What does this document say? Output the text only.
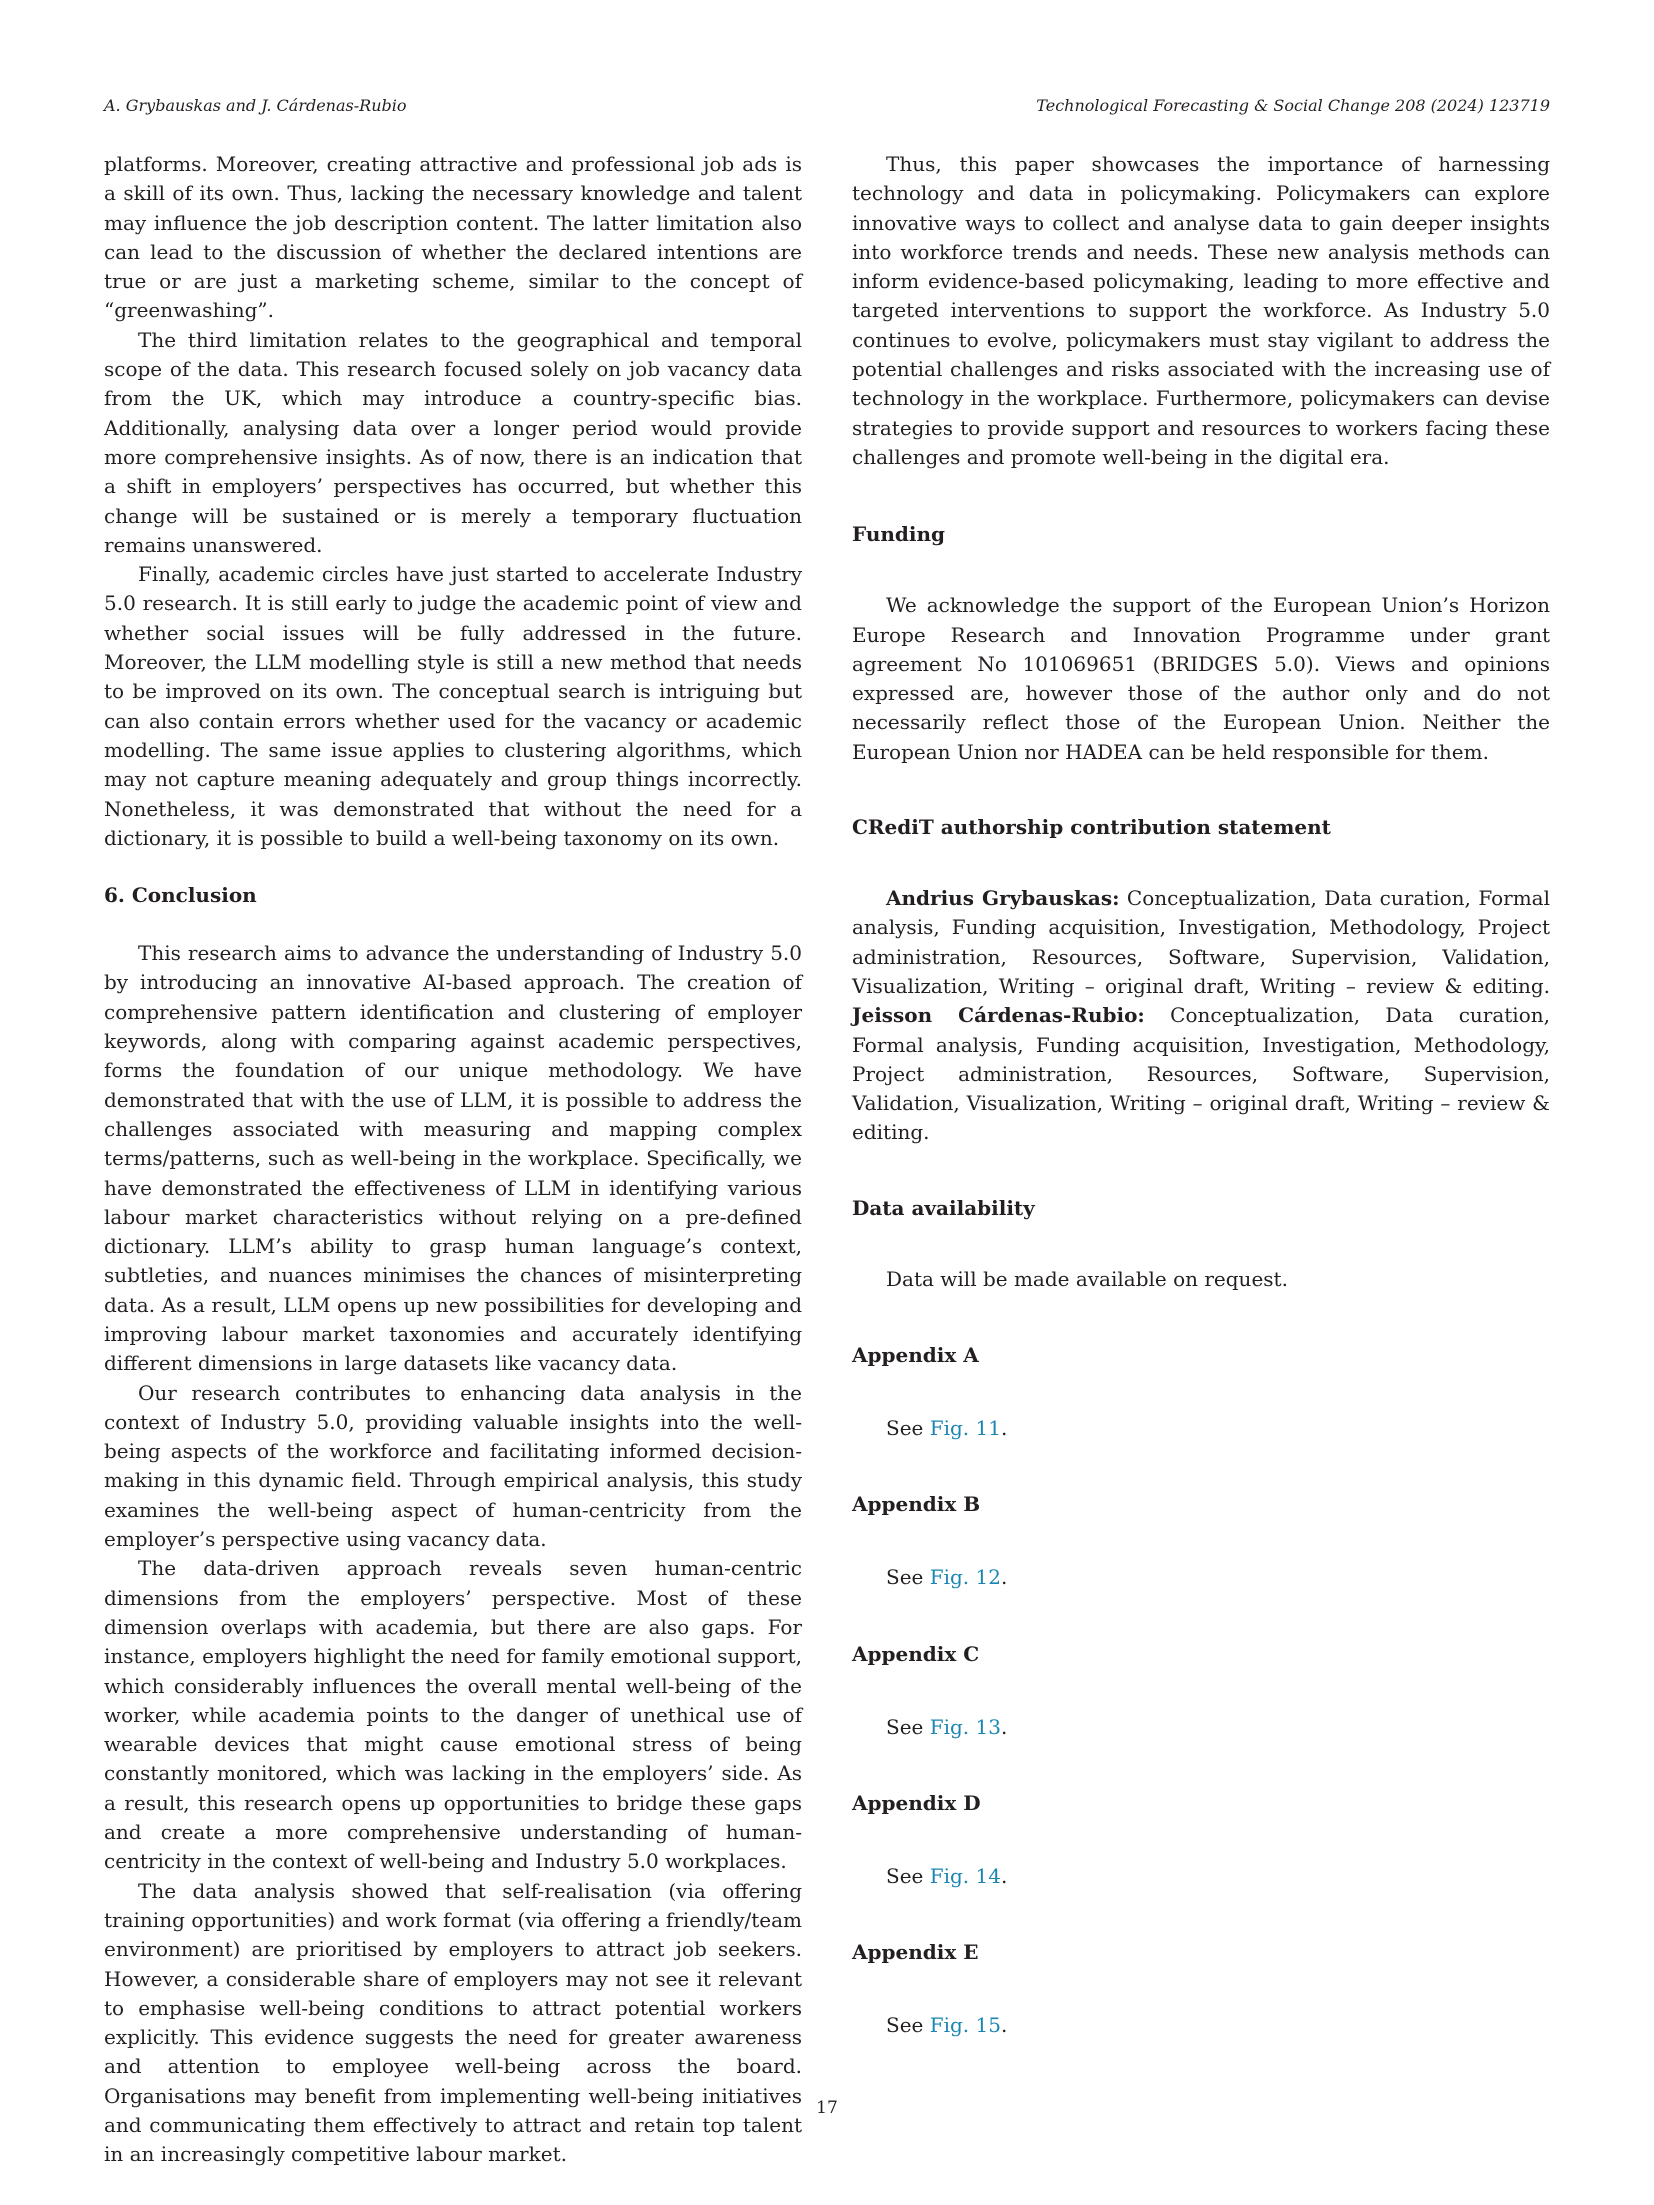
A. Grybauskas and J. Cárdenas-Rubio	Technological Forecasting & Social Change 208 (2024) 123719

platforms. Moreover, creating attractive and professional job ads is a skill of its own. Thus, lacking the necessary knowledge and talent may influence the job description content. The latter limitation also can lead to the discussion of whether the declared intentions are true or are just a marketing scheme, similar to the concept of “greenwashing”.

The third limitation relates to the geographical and temporal scope of the data. This research focused solely on job vacancy data from the UK, which may introduce a country-specific bias. Additionally, analysing data over a longer period would provide more comprehensive insights. As of now, there is an indication that a shift in employers’ perspectives has occurred, but whether this change will be sustained or is merely a temporary fluctuation remains unanswered.

Finally, academic circles have just started to accelerate Industry 5.0 research. It is still early to judge the academic point of view and whether social issues will be fully addressed in the future. Moreover, the LLM modelling style is still a new method that needs to be improved on its own. The conceptual search is intriguing but can also contain errors whether used for the vacancy or academic modelling. The same issue applies to clustering algorithms, which may not capture meaning adequately and group things incorrectly. Nonetheless, it was demonstrated that without the need for a dictionary, it is possible to build a well-being taxonomy on its own.

6. Conclusion

This research aims to advance the understanding of Industry 5.0 by introducing an innovative AI-based approach. The creation of comprehensive pattern identification and clustering of employer keywords, along with comparing against academic perspectives, forms the foundation of our unique methodology. We have demonstrated that with the use of LLM, it is possible to address the challenges associated with measuring and mapping complex terms/patterns, such as well-being in the workplace. Specifically, we have demonstrated the effectiveness of LLM in identifying various labour market characteristics without relying on a pre-defined dictionary. LLM’s ability to grasp human language’s context, subtleties, and nuances minimises the chances of misinterpreting data. As a result, LLM opens up new possibilities for developing and improving labour market taxonomies and accurately identifying different dimensions in large datasets like vacancy data.

Our research contributes to enhancing data analysis in the context of Industry 5.0, providing valuable insights into the well-being aspects of the workforce and facilitating informed decision-making in this dynamic field. Through empirical analysis, this study examines the well-being aspect of human-centricity from the employer’s perspective using vacancy data.

The data-driven approach reveals seven human-centric dimensions from the employers’ perspective. Most of these dimension overlaps with academia, but there are also gaps. For instance, employers highlight the need for family emotional support, which considerably influences the overall mental well-being of the worker, while academia points to the danger of unethical use of wearable devices that might cause emotional stress of being constantly monitored, which was lacking in the employers’ side. As a result, this research opens up opportunities to bridge these gaps and create a more comprehensive understanding of human-centricity in the context of well-being and Industry 5.0 workplaces.

The data analysis showed that self-realisation (via offering training opportunities) and work format (via offering a friendly/team environment) are prioritised by employers to attract job seekers. However, a considerable share of employers may not see it relevant to emphasise well-being conditions to attract potential workers explicitly. This evidence suggests the need for greater awareness and attention to employee well-being across the board. Organisations may benefit from implementing well-being initiatives and communicating them effectively to attract and retain top talent in an increasingly competitive labour market.

Thus, this paper showcases the importance of harnessing technology and data in policymaking. Policymakers can explore innovative ways to collect and analyse data to gain deeper insights into workforce trends and needs. These new analysis methods can inform evidence-based policymaking, leading to more effective and targeted interventions to support the workforce. As Industry 5.0 continues to evolve, policymakers must stay vigilant to address the potential challenges and risks associated with the increasing use of technology in the workplace. Furthermore, policymakers can devise strategies to provide support and resources to workers facing these challenges and promote well-being in the digital era.

Funding

We acknowledge the support of the European Union’s Horizon Europe Research and Innovation Programme under grant agreement No 101069651 (BRIDGES 5.0). Views and opinions expressed are, however those of the author only and do not necessarily reflect those of the European Union. Neither the European Union nor HADEA can be held responsible for them.

CRediT authorship contribution statement

Andrius Grybauskas: Conceptualization, Data curation, Formal analysis, Funding acquisition, Investigation, Methodology, Project administration, Resources, Software, Supervision, Validation, Visualization, Writing – original draft, Writing – review & editing. Jeisson Cárdenas-Rubio: Conceptualization, Data curation, Formal analysis, Funding acquisition, Investigation, Methodology, Project administration, Resources, Software, Supervision, Validation, Visualization, Writing – original draft, Writing – review & editing.

Data availability

Data will be made available on request.

Appendix A

See Fig. 11.

Appendix B

See Fig. 12.

Appendix C

See Fig. 13.

Appendix D

See Fig. 14.

Appendix E

See Fig. 15.

17
